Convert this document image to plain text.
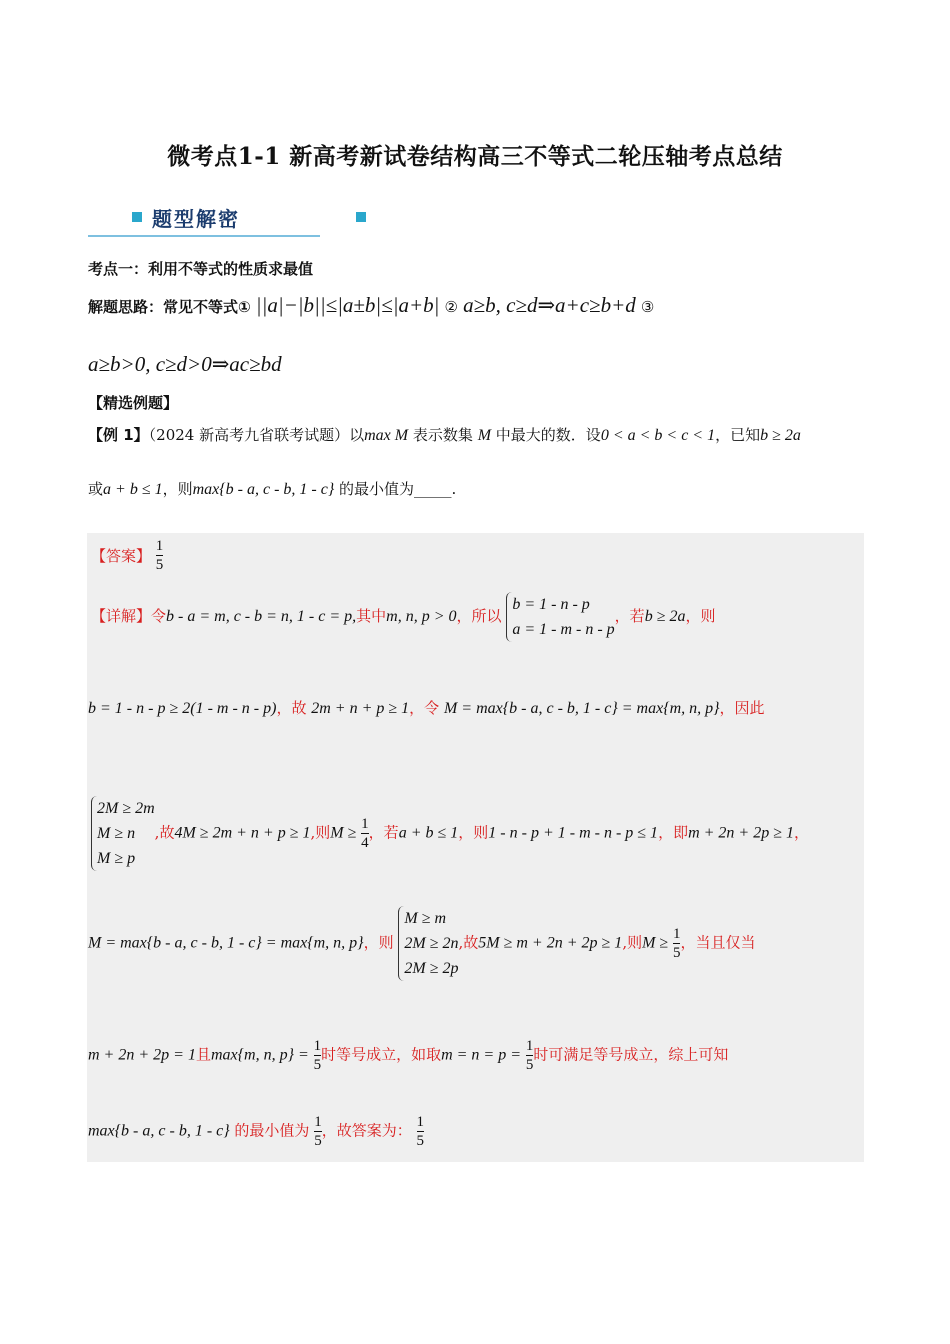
微考点1-1 新高考新试卷结构高三不等式二轮压轴考点总结
题型解密
考点一：利用不等式的性质求最值
解题思路：常见不等式① ||a|−|b||≤|a±b|≤|a+b| ② a≥b, c≥d⇒a+c≥b+d ③
a≥b>0, c≥d>0⇒ac≥bd
【精选例题】
【例 1】（2024 新高考九省联考试题）以max M 表示数集 M 中最大的数．设0 < a < b < c < 1，已知b ≥ 2a
或a + b ≤ 1，则max{b - a, c - b, 1 - c} 的最小值为_____.
【答案】 $\frac{1}{5}$
【详解】令b - a = m, c - b = n, 1 - c = p,其中m, n, p > 0，所以
b = 1 - n - p
a = 1 - m - n - p
，若b ≥ 2a，则
b = 1 - n - p ≥ 2(1 - m - n - p)，故 2m + n + p ≥ 1，令 M = max{b - a, c - b, 1 - c} = max{m, n, p}，因此
2M ≥ 2m
M ≥ n
M ≥ p
,故4M ≥ 2m + n + p ≥ 1,则$M \ge \frac{1}{4}$ ，若a + b ≤ 1，则1 - n - p + 1 - m - n - p ≤ 1，即m + 2n + 2p ≥ 1，
M = max{b - a, c - b, 1 - c} = max{m, n, p}，则
M ≥ m
2M ≥ 2n
2M ≥ 2p
,故5M ≥ m + 2n + 2p ≥ 1,则$M \ge \frac{1}{5}$ ，当且仅当
m + 2n + 2p = 1且max{m, n, $p\} = \frac{1}{5}$ 时等号成立，如取$m = n = p = \frac{1}{5}$ 时可满足等号成立，综上可知
max{b - a, c - b, 1 - c} 的最小值为 $\frac{1}{5}$ ，故答案为： $\frac{1}{5}$
